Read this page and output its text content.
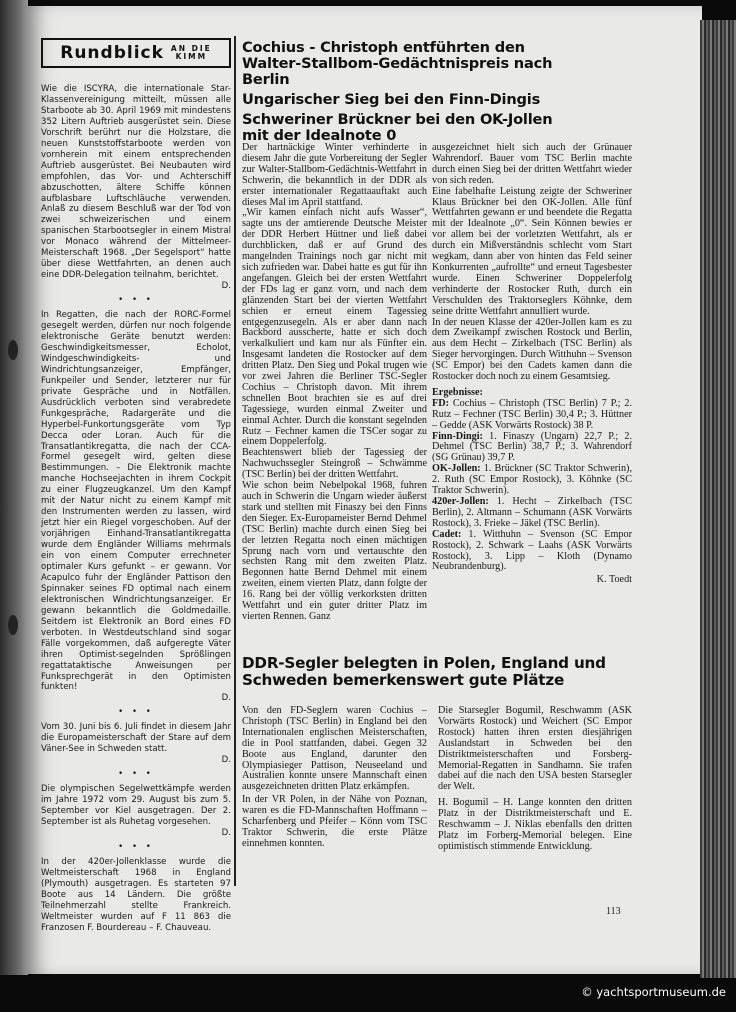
Rundblick AN DIE
KIMM

Wie die ISCYRA, die internationale Star-Klassenvereinigung mitteilt, müssen alle Starboote ab 30. April 1969 mit mindestens 352 Litern Auftrieb ausgerüstet sein. Diese Vorschrift berührt nur die Holzstare, die neuen Kunststoffstarboote werden von vornherein mit einem entsprechenden Auftrieb ausgerüstet. Bei Neubauten wird empfohlen, das Vor- und Achterschiff abzuschotten, ältere Schiffe können aufblasbare Luftschläuche verwenden. Anlaß zu diesem Beschluß war der Tod von zwei schweizerischen und einem spanischen Starbootsegler in einem Mistral vor Monaco während der Mittelmeer-Meisterschaft 1968. „Der Segelsport“ hatte über diese Wettfahrten, an denen auch eine DDR-Delegation teilnahm, berichtet.

D.

• • •

In Regatten, die nach der RORC-Formel gesegelt werden, dürfen nur noch folgende elektronische Geräte benutzt werden: Geschwindigkeitsmesser, Echolot, Windgeschwindigkeits- und Windrichtungsanzeiger, Empfänger, Funkpeiler und Sender, letzterer nur für private Gespräche und in Notfällen. Ausdrücklich verboten sind verabredete Funkgespräche, Radargeräte und die Hyperbel-Funkortungsgeräte vom Typ Decca oder Loran. Auch für die Transatlantikregatta, die nach der CCA-Formel gesegelt wird, gelten diese Bestimmungen. – Die Elektronik machte manche Hochseejachten in ihrem Cockpit zu einer Flugzeugkanzel. Um den Kampf mit der Natur nicht zu einem Kampf mit den Instrumenten werden zu lassen, wird jetzt hier ein Riegel vorgeschoben. Auf der vorjährigen Einhand-Transatlantikregatta wurde dem Engländer Williams mehrmals ein von einem Computer errechneter optimaler Kurs gefunkt – er gewann. Vor Acapulco fuhr der Engländer Pattison den Spinnaker seines FD optimal nach einem elektronischen Windrichtungsanzeiger. Er gewann bekanntlich die Goldmedaille. Seitdem ist Elektronik an Bord eines FD verboten. In Westdeutschland sind sogar Fälle vorgekommen, daß aufgeregte Väter ihren Optimist-segelnden Sprößlingen regattataktische Anweisungen per Funksprechgerät in den Optimisten funkten!

D.

• • •

Vom 30. Juni bis 6. Juli findet in diesem Jahr die Europameisterschaft der Stare auf dem Väner-See in Schweden statt.

D.

• • •

Die olympischen Segelwettkämpfe werden im Jahre 1972 vom 29. August bis zum 5. September vor Kiel ausgetragen. Der 2. September ist als Ruhetag vorgesehen.

D.

• • •

In der 420er-Jollenklasse wurde die Weltmeisterschaft 1968 in England (Plymouth) ausgetragen. Es starteten 97 Boote aus 14 Ländern. Die größte Teilnehmerzahl stellte Frankreich. Weltmeister wurden auf F 11 863 die Franzosen F. Bourdereau – F. Chauveau.

Cochius - Christoph entführten den Walter-Stallbom-Gedächtnispreis nach Berlin
Ungarischer Sieg bei den Finn-Dingis
Schweriner Brückner bei den OK-Jollen mit der Idealnote 0

Der hartnäckige Winter verhinderte in diesem Jahr die gute Vorbereitung der Segler zur Walter-Stallbom-Gedächtnis-Wettfahrt in Schwerin, die bekanntlich in der DDR als erster internationaler Regattaauftakt auch dieses Mal im April stattfand.

„Wir kamen einfach nicht aufs Wasser“, sagte uns der amtierende Deutsche Meister der DDR Herbert Hüttner und ließ dabei durchblicken, daß er auf Grund des mangelnden Trainings noch gar nicht mit sich zufrieden war. Dabei hatte es gut für ihn angefangen. Gleich bei der ersten Wettfahrt der FDs lag er ganz vorn, und nach dem glänzenden Start bei der vierten Wettfahrt schien er erneut einem Tagessieg entgegenzusegeln. Als er aber dann nach Backbord ausscherte, hatte er sich doch verkalkuliert und kam nur als Fünfter ein. Insgesamt landeten die Rostocker auf dem dritten Platz. Den Sieg und Pokal trugen wie vor zwei Jahren die Berliner TSC-Segler Cochius – Christoph davon. Mit ihrem schnellen Boot brachten sie es auf drei Tagessiege, wurden einmal Zweiter und einmal Achter. Durch die konstant segelnden Rutz – Fechner kamen die TSCer sogar zu einem Doppelerfolg.

Beachtenswert blieb der Tagessieg der Nachwuchssegler Steingroß – Schwämme (TSC Berlin) bei der dritten Wettfahrt.

Wie schon beim Nebelpokal 1968, fuhren auch in Schwerin die Ungarn wieder äußerst stark und stellten mit Finaszy bei den Finns den Sieger. Ex-Europameister Bernd Dehmel (TSC Berlin) machte durch einen Sieg bei der letzten Regatta noch einen mächtigen Sprung nach vorn und vertauschte den sechsten Rang mit dem zweiten Platz. Begonnen hatte Bernd Dehmel mit einem zweiten, einem vierten Platz, dann folgte der 16. Rang bei der völlig verkorksten dritten Wettfahrt und ein guter dritter Platz im vierten Rennen. Ganz

ausgezeichnet hielt sich auch der Grünauer Wahrendorf. Bauer vom TSC Berlin machte durch einen Sieg bei der dritten Wettfahrt wieder von sich reden.

Eine fabelhafte Leistung zeigte der Schweriner Klaus Brückner bei den OK-Jollen. Alle fünf Wettfahrten gewann er und beendete die Regatta mit der Idealnote „0“. Sein Können bewies er vor allem bei der vorletzten Wettfahrt, als er durch ein Mißverständnis schlecht vom Start wegkam, dann aber von hinten das Feld seiner Konkurrenten „aufrollte“ und erneut Tagesbester wurde. Einen Schweriner Doppelerfolg verhinderte der Rostocker Ruth, durch ein Verschulden des Traktorseglers Köhnke, dem seine dritte Wettfahrt annulliert wurde.

In der neuen Klasse der 420er-Jollen kam es zu dem Zweikampf zwischen Rostock und Berlin, aus dem Hecht – Zirkelbach (TSC Berlin) als Sieger hervorgingen. Durch Witthuhn – Svenson (SC Empor) bei den Cadets kamen dann die Rostocker doch noch zu einem Gesamtsieg.

Ergebnisse:

FD: Cochius – Christoph (TSC Berlin) 7 P.; 2. Rutz – Fechner (TSC Berlin) 30,4 P.; 3. Hüttner – Gedde (ASK Vorwärts Rostock) 38 P.

Finn-Dingi: 1. Finaszy (Ungarn) 22,7 P.; 2. Dehmel (TSC Berlin) 38,7 P.; 3. Wahrendorf (SG Grünau) 39,7 P.

OK-Jollen: 1. Brückner (SC Traktor Schwerin), 2. Ruth (SC Empor Rostock), 3. Köhnke (SC Traktor Schwerin).

420er-Jollen: 1. Hecht – Zirkelbach (TSC Berlin), 2. Altmann – Schumann (ASK Vorwärts Rostock), 3. Frieke – Jäkel (TSC Berlin).

Cadet: 1. Witthuhn – Svenson (SC Empor Rostock), 2. Schwark – Laahs (ASK Vorwärts Rostock), 3. Lipp – Kloth (Dynamo Neubrandenburg).

K. Toedt

DDR-Segler belegten in Polen, England und Schweden bemerkenswert gute Plätze

Von den FD-Seglern waren Cochius – Christoph (TSC Berlin) in England bei den Internationalen englischen Meisterschaften, die in Pool stattfanden, dabei. Gegen 32 Boote aus England, darunter den Olympiasieger Pattison, Neuseeland und Australien konnte unsere Mannschaft einen ausgezeichneten dritten Platz erkämpfen.

In der VR Polen, in der Nähe von Poznan, waren es die FD-Mannschaften Hoffmann – Scharfenberg und Pfeifer – Könn vom TSC Traktor Schwerin, die erste Plätze einnehmen konnten.

Die Starsegler Bogumil, Reschwamm (ASK Vorwärts Rostock) und Weichert (SC Empor Rostock) hatten ihren ersten diesjährigen Auslandstart in Schweden bei den Distriktmeisterschaften und Forsberg-Memorial-Regatten in Sandhamn. Sie trafen dabei auf die nach den USA besten Starsegler der Welt.

H. Bogumil – H. Lange konnten den dritten Platz in der Distriktmeisterschaft und E. Reschwamm – J. Niklas ebenfalls den dritten Platz im Forberg-Memorial belegen. Eine optimistisch stimmende Entwicklung.

113
© yachtsportmuseum.de
